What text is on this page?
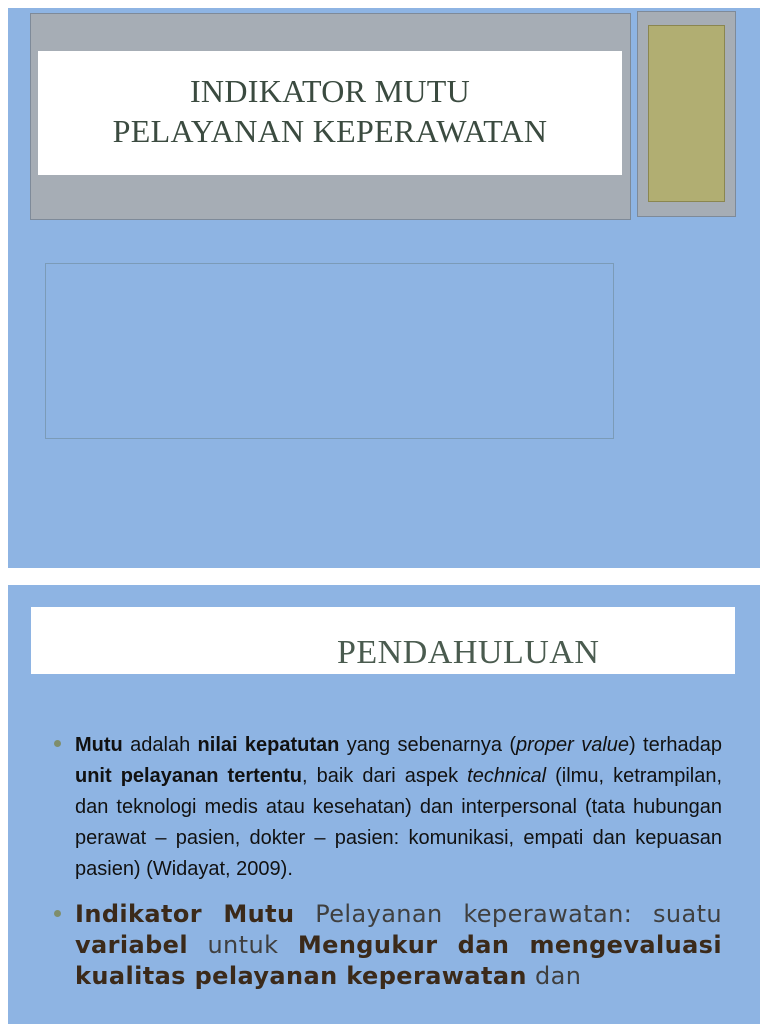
INDIKATOR MUTU
PELAYANAN KEPERAWATAN
PENDAHULUAN
Mutu adalah nilai kepatutan yang sebenarnya (proper value) terhadap unit pelayanan tertentu, baik dari aspek technical (ilmu, ketrampilan, dan teknologi medis atau kesehatan) dan interpersonal (tata hubungan perawat – pasien, dokter – pasien: komunikasi, empati dan kepuasan pasien) (Widayat, 2009).
Indikator Mutu Pelayanan keperawatan: suatu variabel untuk Mengukur dan mengevaluasi kualitas pelayanan keperawatan dan
